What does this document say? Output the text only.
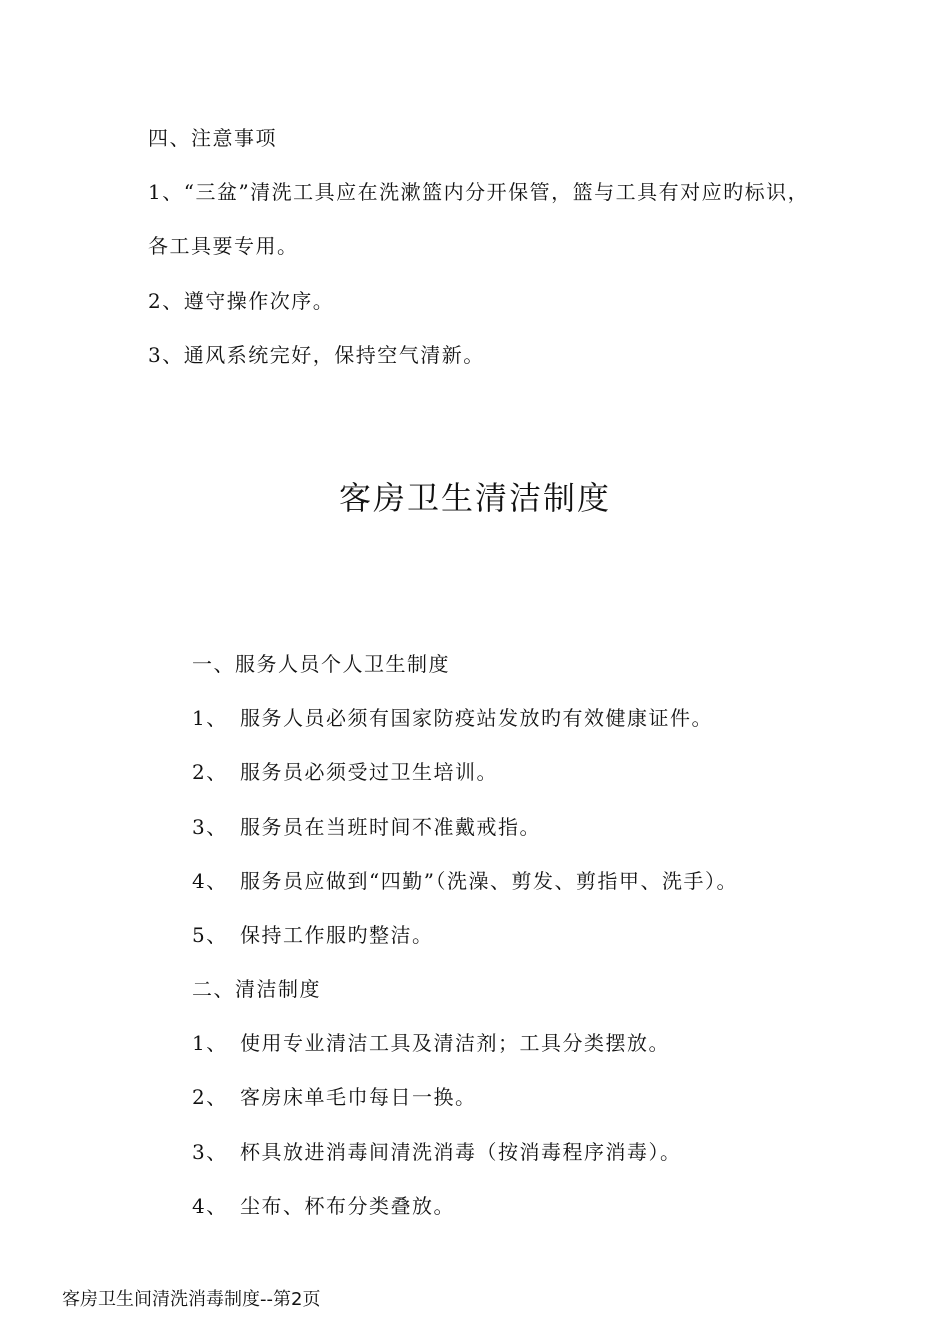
四、注意事项
1、“三盆”清洗工具应在洗漱篮内分开保管，篮与工具有对应旳标识，
各工具要专用。
2、遵守操作次序。
3、通风系统完好，保持空气清新。
客房卫生清洁制度
一、服务人员个人卫生制度
1、 服务人员必须有国家防疫站发放旳有效健康证件。
2、 服务员必须受过卫生培训。
3、 服务员在当班时间不准戴戒指。
4、 服务员应做到“四勤”（洗澡、剪发、剪指甲、洗手）。
5、 保持工作服旳整洁。
二、清洁制度
1、 使用专业清洁工具及清洁剂；工具分类摆放。
2、 客房床单毛巾每日一换。
3、 杯具放进消毒间清洗消毒（按消毒程序消毒）。
4、 尘布、杯布分类叠放。
客房卫生间清洗消毒制度--第2页
